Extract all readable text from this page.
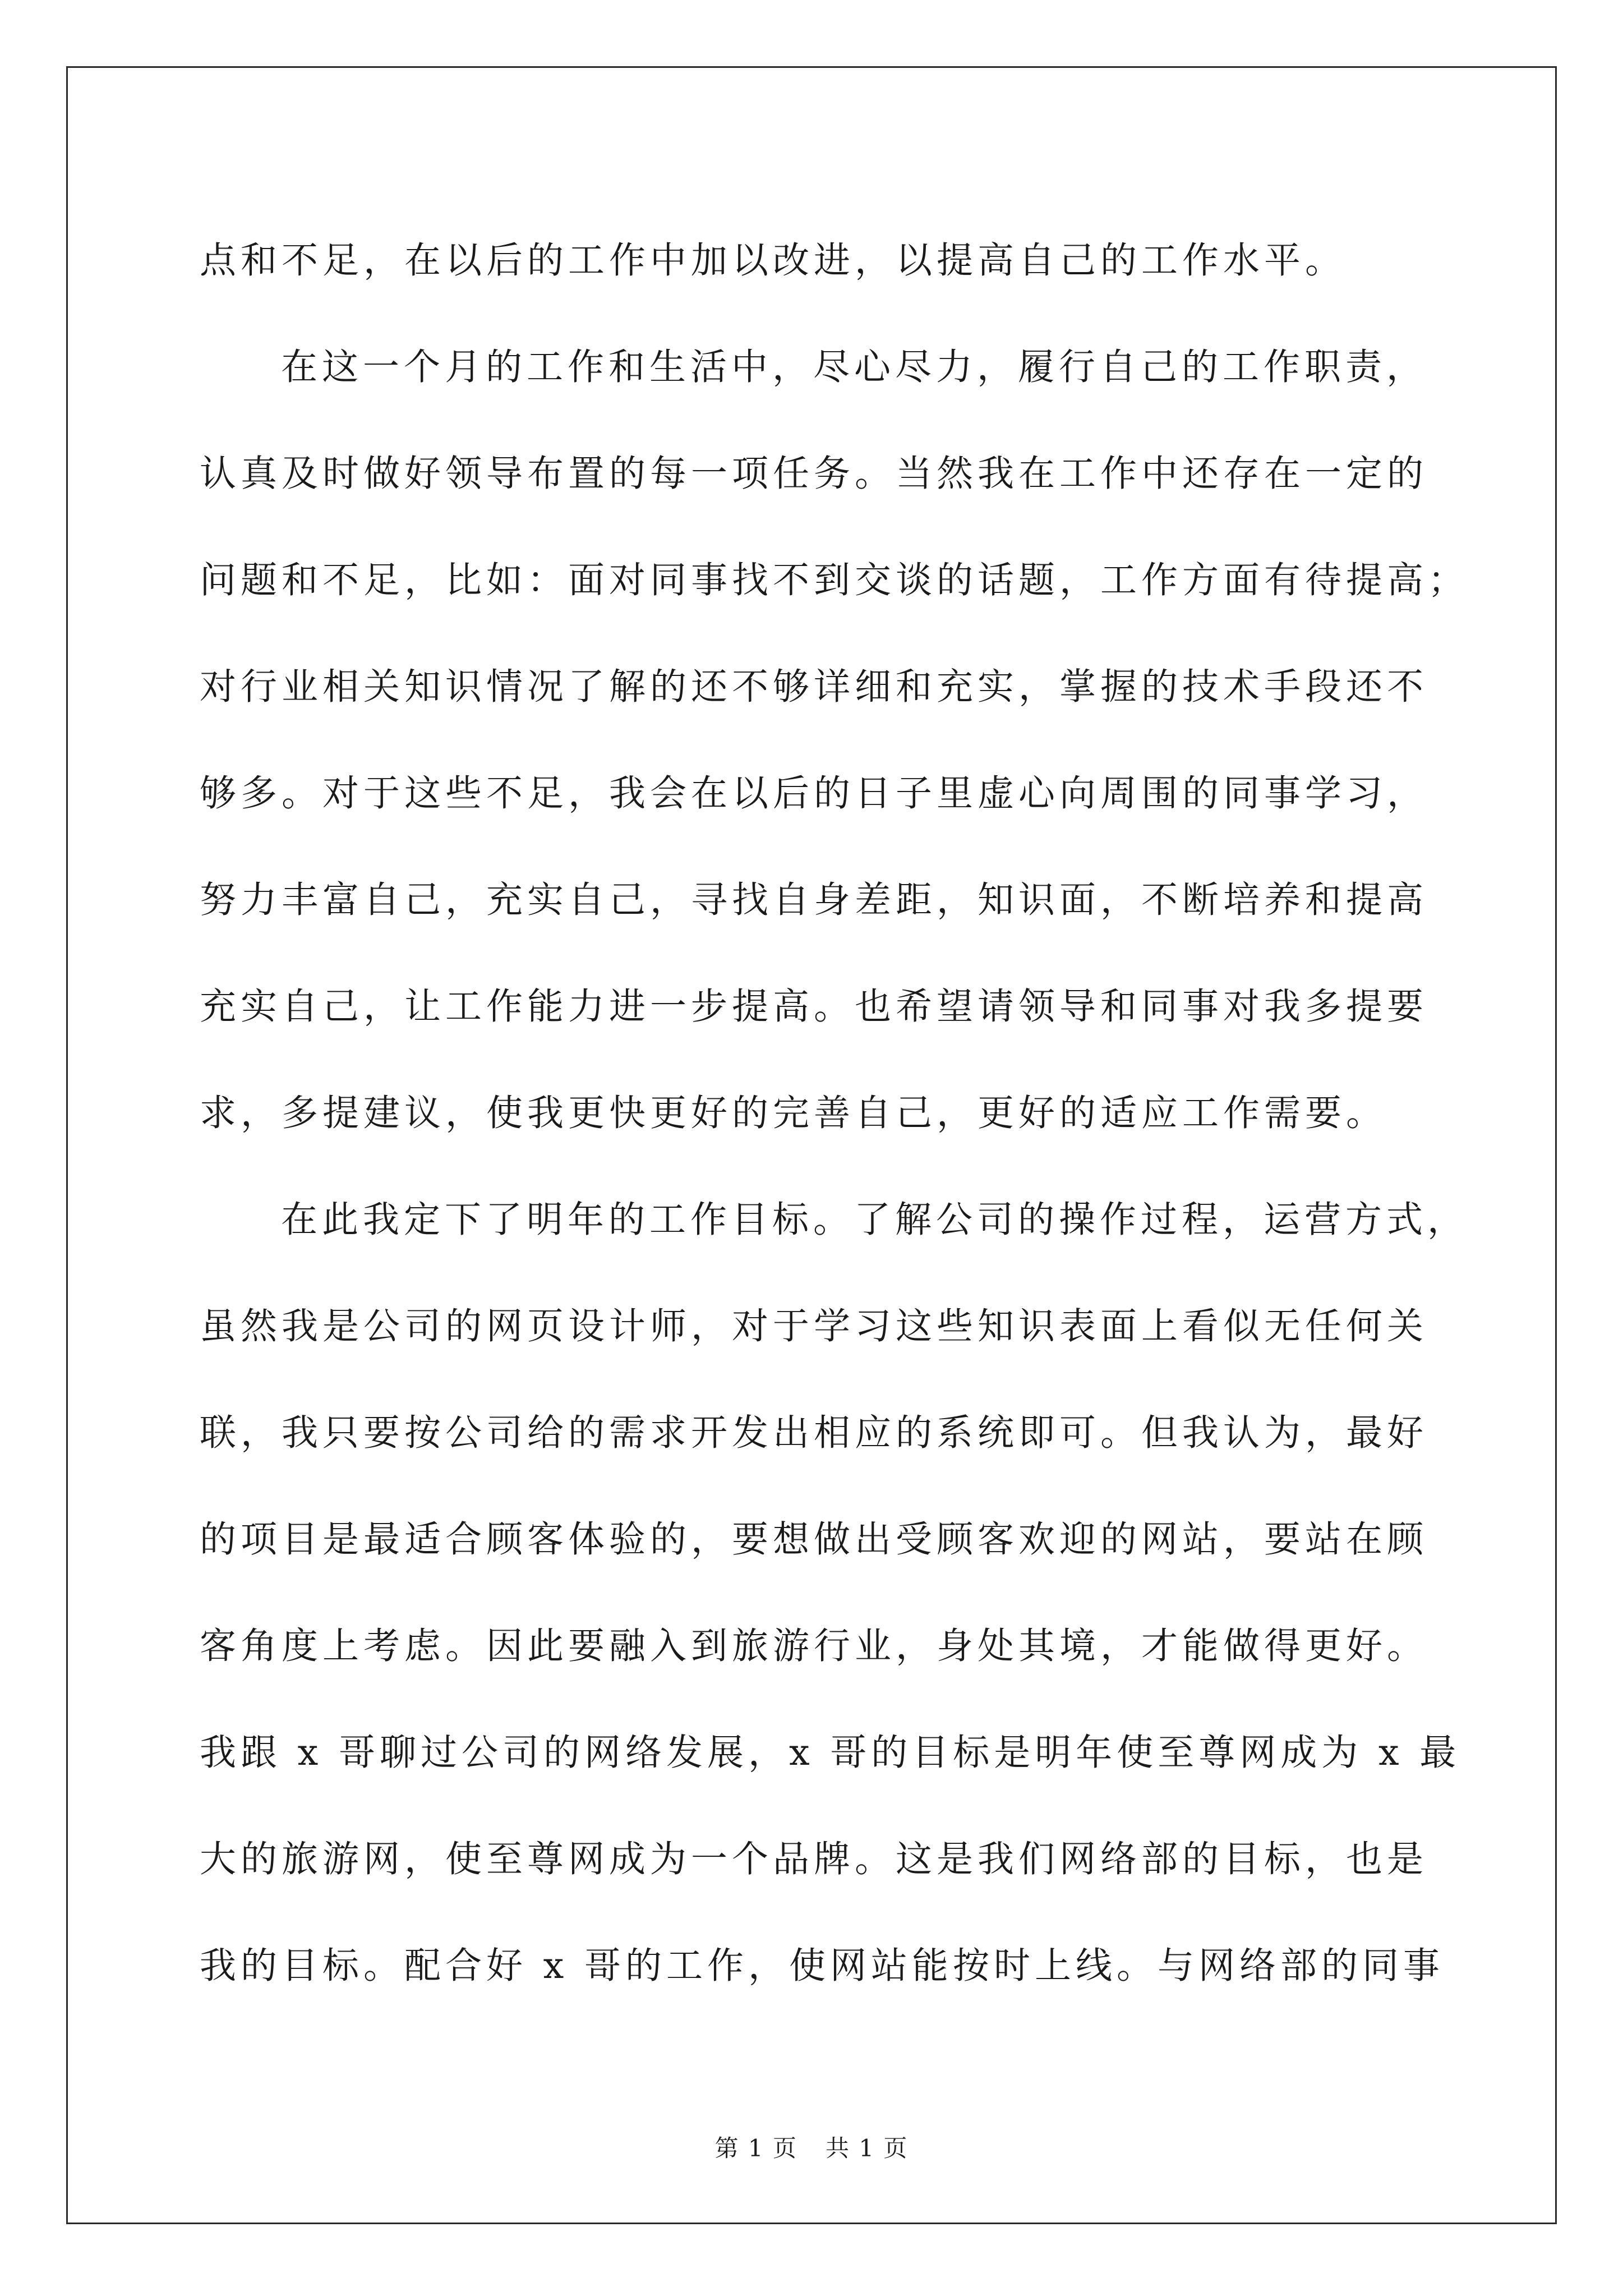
点和不足，在以后的工作中加以改进，以提高自己的工作水平。
在这一个月的工作和生活中，尽心尽力，履行自己的工作职责，
认真及时做好领导布置的每一项任务。当然我在工作中还存在一定的
问题和不足，比如：面对同事找不到交谈的话题，工作方面有待提高；
对行业相关知识情况了解的还不够详细和充实，掌握的技术手段还不
够多。对于这些不足，我会在以后的日子里虚心向周围的同事学习，
努力丰富自己，充实自己，寻找自身差距，知识面，不断培养和提高
充实自己，让工作能力进一步提高。也希望请领导和同事对我多提要
求，多提建议，使我更快更好的完善自己，更好的适应工作需要。
在此我定下了明年的工作目标。了解公司的操作过程，运营方式，
虽然我是公司的网页设计师，对于学习这些知识表面上看似无任何关
联，我只要按公司给的需求开发出相应的系统即可。但我认为，最好
的项目是最适合顾客体验的，要想做出受顾客欢迎的网站，要站在顾
客角度上考虑。因此要融入到旅游行业，身处其境，才能做得更好。
我跟 x 哥聊过公司的网络发展，x 哥的目标是明年使至尊网成为 x 最
大的旅游网，使至尊网成为一个品牌。这是我们网络部的目标，也是
我的目标。配合好 x 哥的工作，使网站能按时上线。与网络部的同事
第 1 页 共 1 页
